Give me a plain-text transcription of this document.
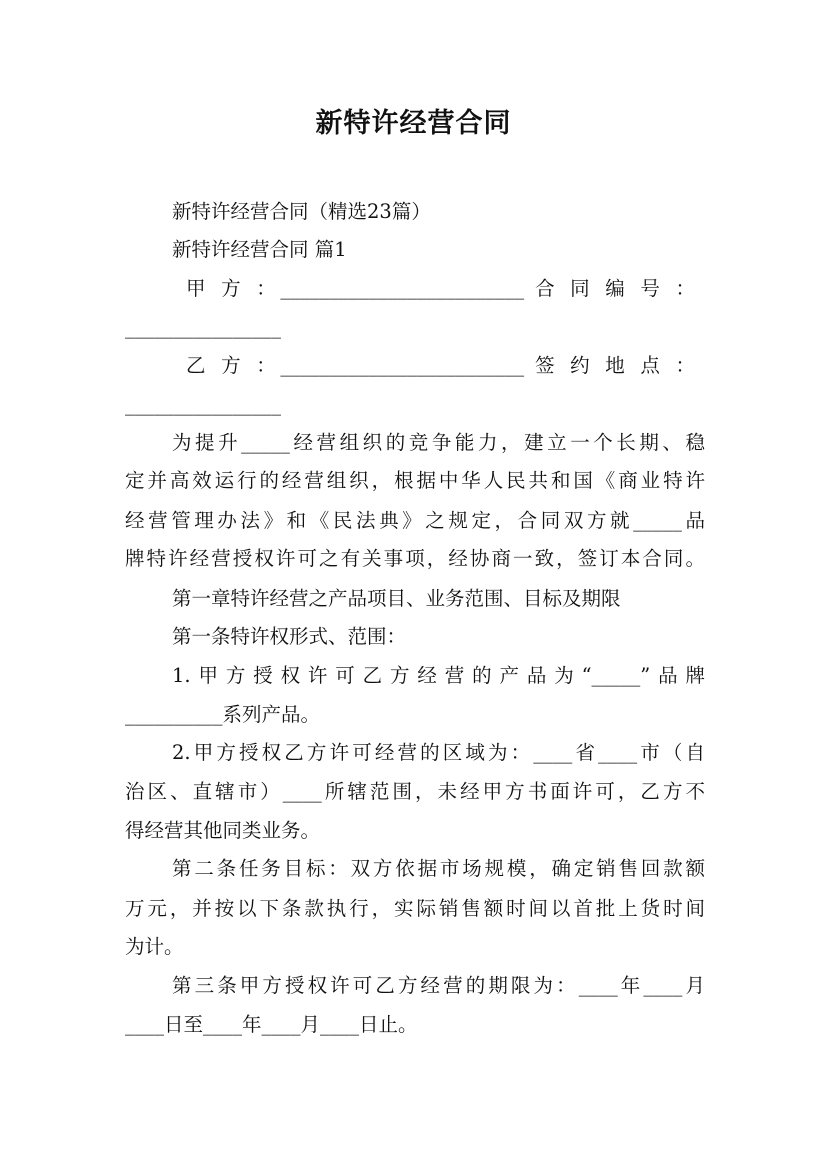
新特许经营合同
新特许经营合同（精选23篇）
新特许经营合同 篇1
甲 方 ：_________________________ 合 同 编 号 ：
________________
乙 方 ：_________________________ 签 约 地 点 ：
________________
为提升_____经营组织的竞争能力，建立一个长期、稳
定并高效运行的经营组织，根据中华人民共和国《商业特许
经营管理办法》和《民法典》之规定，合同双方就_____品
牌特许经营授权许可之有关事项，经协商一致，签订本合同。
第一章特许经营之产品项目、业务范围、目标及期限
第一条特许权形式、范围：
1.甲方授权许可乙方经营的产品为“_____”品牌
__________系列产品。
2.甲方授权乙方许可经营的区域为：____省____市（自
治区、直辖市）____所辖范围，未经甲方书面许可，乙方不
得经营其他同类业务。
第二条任务目标：双方依据市场规模，确定销售回款额
万元，并按以下条款执行，实际销售额时间以首批上货时间
为计。
第三条甲方授权许可乙方经营的期限为：____年____月
____日至____年____月____日止。
